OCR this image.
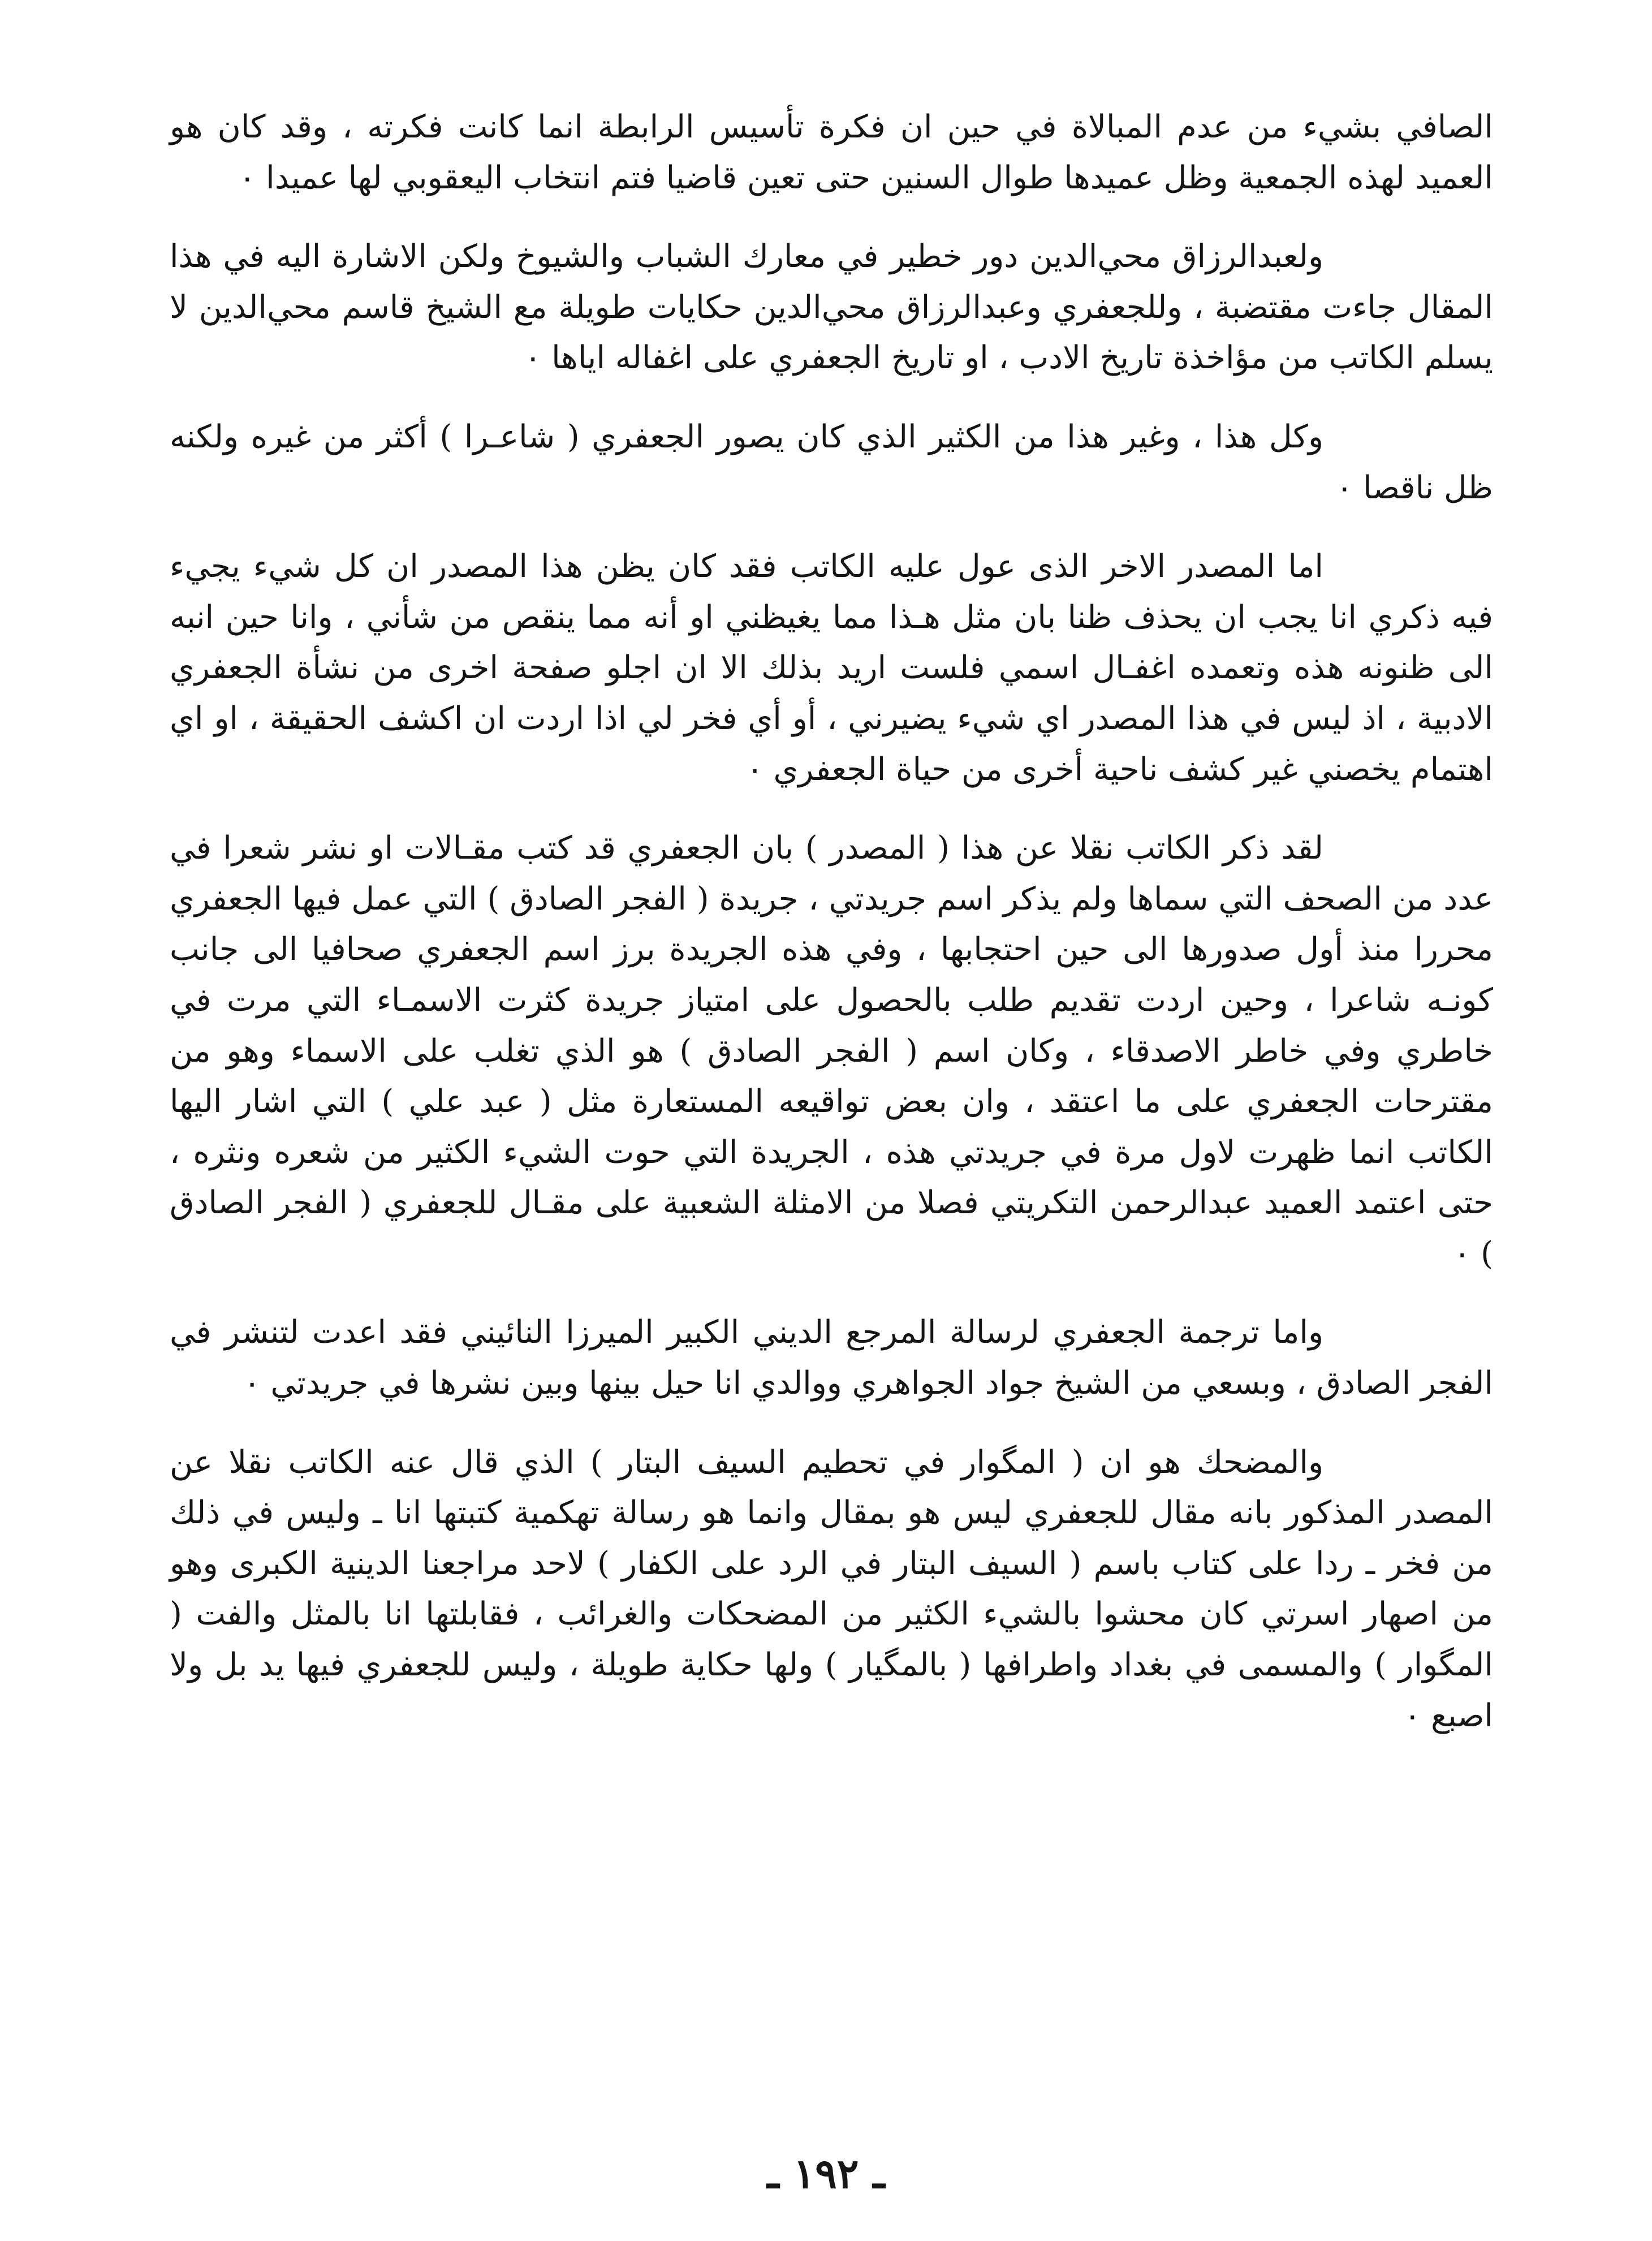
الصافي بشيء من عدم المبالاة في حين ان فكرة تأسيس الرابطة انما كانت فكرته ، وقد كان هو العميد لهذه الجمعية وظل عميدها طوال السنين حتى تعين قاضيا فتم انتخاب اليعقوبي لها عميدا ٠

ولعبدالرزاق محي‌الدين دور خطير في معارك الشباب والشيوخ ولكن الاشارة اليه في هذا المقال جاءت مقتضبة ، وللجعفري وعبدالرزاق محي‌الدين حكايات طويلة مع الشيخ قاسم محي‌الدين لا يسلم الكاتب من مؤاخذة تاريخ الادب ، او تاريخ الجعفري على اغفاله اياها ٠

وكل هذا ، وغير هذا من الكثير الذي كان يصور الجعفري ( شاعـرا ) أكثر من غيره ولكنه ظل ناقصا ٠

اما المصدر الاخر الذى عول عليه الكاتب فقد كان يظن هذا المصدر ان كل شيء يجيء فيه ذكري انا يجب ان يحذف ظنا بان مثل هـذا مما يغيظني او أنه مما ينقص من شأني ، وانا حين انبه الى ظنونه هذه وتعمده اغفـال اسمي فلست اريد بذلك الا ان اجلو صفحة اخرى من نشأة الجعفري الادبية ، اذ ليس في هذا المصدر اي شيء يضيرني ، أو أي فخر لي اذا اردت ان اكشف الحقيقة ، او اي اهتمام يخصني غير كشف ناحية أخرى من حياة الجعفري ٠

لقد ذكر الكاتب نقلا عن هذا ( المصدر ) بان الجعفري قد كتب مقـالات او نشر شعرا في عدد من الصحف التي سماها ولم يذكر اسم جريدتي ، جريدة ( الفجر الصادق ) التي عمل فيها الجعفري محررا منذ أول صدورها الى حين احتجابها ، وفي هذه الجريدة برز اسم الجعفري صحافيا الى جانب كونـه شاعرا ، وحين اردت تقديم طلب بالحصول على امتياز جريدة كثرت الاسمـاء التي مرت في خاطري وفي خاطر الاصدقاء ، وكان اسم ( الفجر الصادق ) هو الذي تغلب على الاسماء وهو من مقترحات الجعفري على ما اعتقد ، وان بعض تواقيعه المستعارة مثل ( عبد علي ) التي اشار اليها الكاتب انما ظهرت لاول مرة في جريدتي هذه ، الجريدة التي حوت الشيء الكثير من شعره ونثره ، حتى اعتمد العميد عبدالرحمن التكريتي فصلا من الامثلة الشعبية على مقـال للجعفري ( الفجر الصادق ) ٠

واما ترجمة الجعفري لرسالة المرجع الديني الكبير الميرزا النائيني فقد اعدت لتنشر في الفجر الصادق ، وبسعي من الشيخ جواد الجواهري ووالدي انا حيل بينها وبين نشرها في جريدتي ٠

والمضحك هو ان ( المگوار في تحطيم السيف البتار ) الذي قال عنه الكاتب نقلا عن المصدر المذكور بانه مقال للجعفري ليس هو بمقال وانما هو رسالة تهكمية كتبتها انا ـ وليس في ذلك من فخر ـ ردا على كتاب باسم ( السيف البتار في الرد على الكفار ) لاحد مراجعنا الدينية الكبرى وهو من اصهار اسرتي كان محشوا بالشيء الكثير من المضحكات والغرائب ، فقابلتها انا بالمثل والفت ( المگوار ) والمسمى في بغداد واطرافها ( بالمگيار ) ولها حكاية طويلة ، وليس للجعفري فيها يد بل ولا اصبع ٠

ـ ١٩٢ ـ
